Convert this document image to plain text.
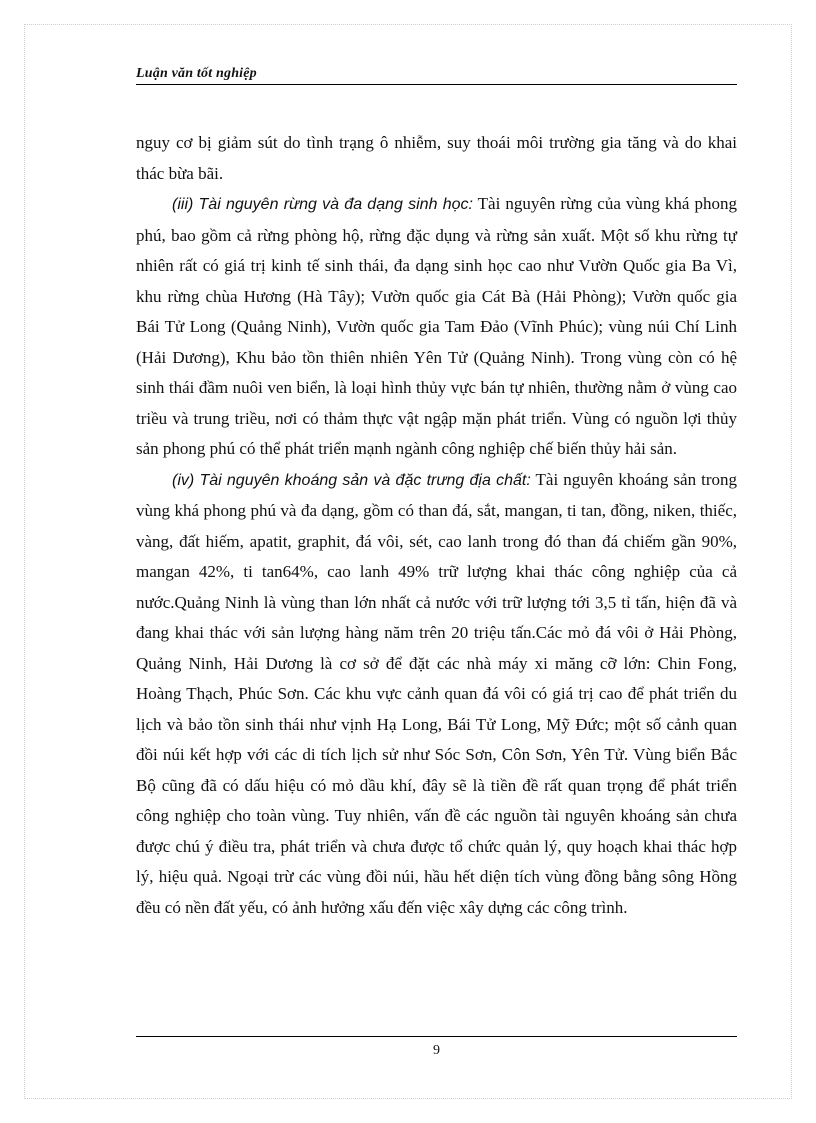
Luận văn tốt nghiệp

nguy cơ bị giảm sút do tình trạng ô nhiễm, suy thoái môi trường gia tăng và do khai thác bừa bãi.

(iii) Tài nguyên rừng và đa dạng sinh học: Tài nguyên rừng của vùng khá phong phú, bao gồm cả rừng phòng hộ, rừng đặc dụng và rừng sản xuất. Một số khu rừng tự nhiên rất có giá trị kinh tế sinh thái, đa dạng sinh học cao như Vườn Quốc gia Ba Vì, khu rừng chùa Hương (Hà Tây); Vườn quốc gia Cát Bà (Hải Phòng); Vườn quốc gia Bái Tử Long (Quảng Ninh), Vườn quốc gia Tam Đảo (Vĩnh Phúc); vùng núi Chí Linh (Hải Dương), Khu bảo tồn thiên nhiên Yên Tử (Quảng Ninh). Trong vùng còn có hệ sinh thái đầm nuôi ven biển, là loại hình thủy vực bán tự nhiên, thường nằm ở vùng cao triều và trung triều, nơi có thảm thực vật ngập mặn phát triển. Vùng có nguồn lợi thủy sản phong phú có thể phát triển mạnh ngành công nghiệp chế biến thủy hải sản.

(iv) Tài nguyên khoáng sản và đặc trưng địa chất: Tài nguyên khoáng sản trong vùng khá phong phú và đa dạng, gồm có than đá, sắt, mangan, ti tan, đồng, niken, thiếc, vàng, đất hiếm, apatit, graphit, đá vôi, sét, cao lanh trong đó than đá chiếm gần 90%, mangan 42%, ti tan64%, cao lanh 49% trữ lượng khai thác công nghiệp của cả nước.Quảng Ninh là vùng than lớn nhất cả nước với trữ lượng tới 3,5 tỉ tấn, hiện đã và đang khai thác với sản lượng hàng năm trên 20 triệu tấn.Các mỏ đá vôi ở Hải Phòng, Quảng Ninh, Hải Dương là cơ sở để đặt các nhà máy xi măng cỡ lớn: Chin Fong, Hoàng Thạch, Phúc Sơn. Các khu vực cảnh quan đá vôi có giá trị cao để phát triển du lịch và bảo tồn sinh thái như vịnh Hạ Long, Bái Tử Long, Mỹ Đức; một số cảnh quan đồi núi kết hợp với các di tích lịch sử như Sóc Sơn, Côn Sơn, Yên Tử. Vùng biển Bắc Bộ cũng đã có dấu hiệu có mỏ dầu khí, đây sẽ là tiền đề rất quan trọng để phát triển công nghiệp cho toàn vùng. Tuy nhiên, vấn đề các nguồn tài nguyên khoáng sản chưa được chú ý điều tra, phát triển và chưa được tổ chức quản lý, quy hoạch khai thác hợp lý, hiệu quả. Ngoại trừ các vùng đồi núi, hầu hết diện tích vùng đồng bằng sông Hồng đều có nền đất yếu, có ảnh hưởng xấu đến việc xây dựng các công trình.

9
